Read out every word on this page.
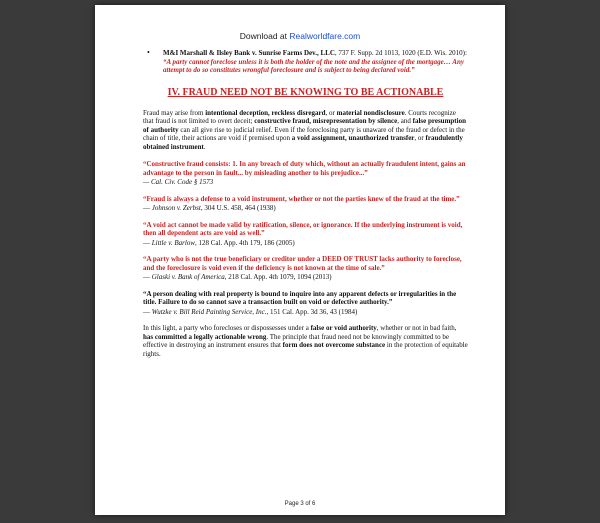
Download at Realworldfare.com
• M&I Marshall & Ilsley Bank v. Sunrise Farms Dev., LLC, 737 F. Supp. 2d 1013, 1020 (E.D. Wis. 2010):
“A party cannot foreclose unless it is both the holder of the note and the assignee of the mortgage… Any attempt to do so constitutes wrongful foreclosure and is subject to being declared void.”
IV. FRAUD NEED NOT BE KNOWING TO BE ACTIONABLE
Fraud may arise from intentional deception, reckless disregard, or material nondisclosure. Courts recognize that fraud is not limited to overt deceit; constructive fraud, misrepresentation by silence, and false presumption of authority can all give rise to judicial relief. Even if the foreclosing party is unaware of the fraud or defect in the chain of title, their actions are void if premised upon a void assignment, unauthorized transfer, or fraudulently obtained instrument.
“Constructive fraud consists: 1. In any breach of duty which, without an actually fraudulent intent, gains an advantage to the person in fault... by misleading another to his prejudice...”
— Cal. Civ. Code § 1573
“Fraud is always a defense to a void instrument, whether or not the parties knew of the fraud at the time.”
— Johnson v. Zerbst, 304 U.S. 458, 464 (1938)
“A void act cannot be made valid by ratification, silence, or ignorance. If the underlying instrument is void, then all dependent acts are void as well.”
— Little v. Barlow, 128 Cal. App. 4th 179, 186 (2005)
“A party who is not the true beneficiary or creditor under a DEED OF TRUST lacks authority to foreclose, and the foreclosure is void even if the deficiency is not known at the time of sale.”
— Glaski v. Bank of America, 218 Cal. App. 4th 1079, 1094 (2013)
“A person dealing with real property is bound to inquire into any apparent defects or irregularities in the title. Failure to do so cannot save a transaction built on void or defective authority.”
— Wutzke v. Bill Reid Painting Service, Inc., 151 Cal. App. 3d 36, 43 (1984)
In this light, a party who forecloses or dispossesses under a false or void authority, whether or not in bad faith, has committed a legally actionable wrong. The principle that fraud need not be knowingly committed to be effective in destroying an instrument ensures that form does not overcome substance in the protection of equitable rights.
Page 3 of 6
